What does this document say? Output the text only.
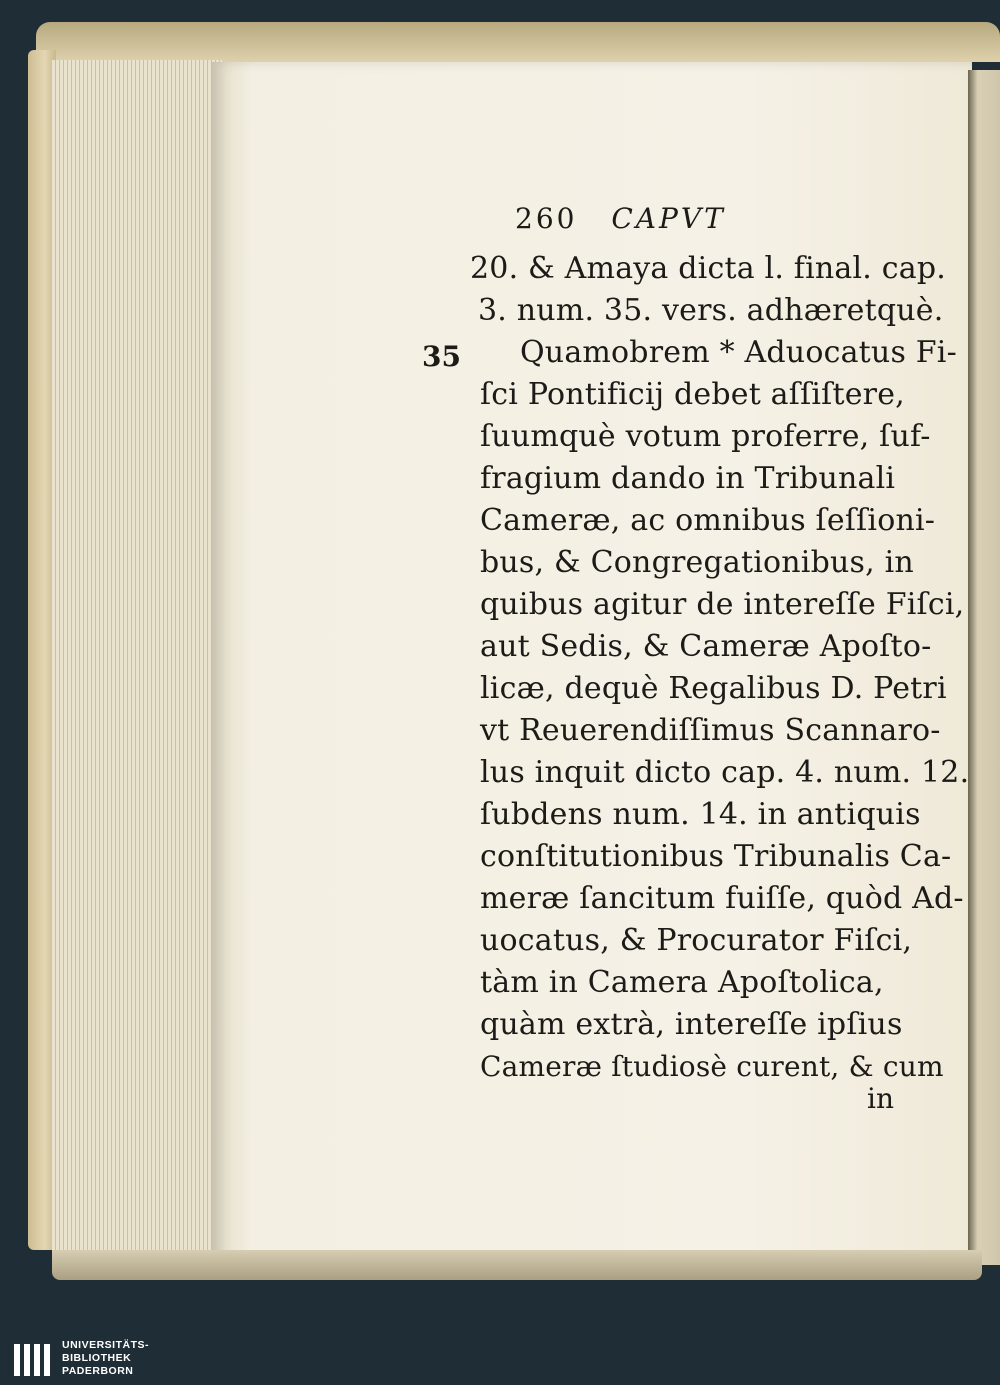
260 CAPVT
35
20. & Amaya dicta l. final. cap.
3. num. 35. vers. adhæretquè.
Quamobrem * Aduocatus Fi-
ſci Pontificij debet aſſiſtere,
ſuumquè votum proferre, ſuf-
fragium dando in Tribunali
Cameræ, ac omnibus ſeſſioni-
bus, & Congregationibus, in
quibus agitur de intereſſe Fiſci,
aut Sedis, & Cameræ Apoſto-
licæ, dequè Regalibus D. Petri
vt Reuerendiſſimus Scannaro-
lus inquit dicto cap. 4. num. 12.
ſubdens num. 14. in antiquis
conſtitutionibus Tribunalis Ca-
meræ ſancitum fuiſſe, quòd Ad-
uocatus, & Procurator Fiſci,
tàm in Camera Apoſtolica,
quàm extrà, intereſſe ipſius
Cameræ ſtudiosè curent, & cum
in
UNIVERSITÄTS-
BIBLIOTHEK
PADERBORN
